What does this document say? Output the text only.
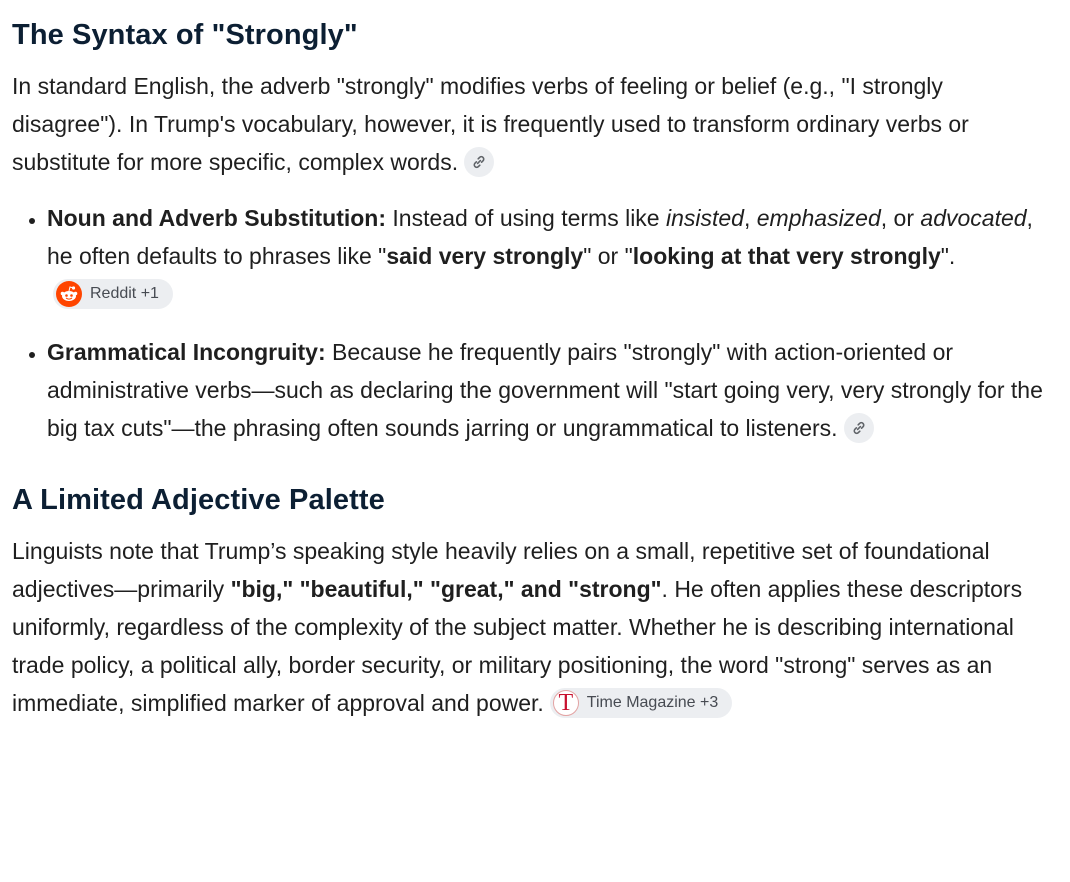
The Syntax of "Strongly"

In standard English, the adverb "strongly" modifies verbs of feeling or belief (e.g., "I strongly disagree"). In Trump's vocabulary, however, it is frequently used to transform ordinary verbs or substitute for more specific, complex words.

• Noun and Adverb Substitution: Instead of using terms like insisted, emphasized, or advocated, he often defaults to phrases like "said very strongly" or "looking at that very strongly".
Reddit +1
• Grammatical Incongruity: Because he frequently pairs "strongly" with action-oriented or administrative verbs—such as declaring the government will "start going very, very strongly for the big tax cuts"—the phrasing often sounds jarring or ungrammatical to listeners.
A Limited Adjective Palette

Linguists note that Trump’s speaking style heavily relies on a small, repetitive set of foundational adjectives—primarily "big," "beautiful," "great," and "strong". He often applies these descriptors uniformly, regardless of the complexity of the subject matter. Whether he is describing international trade policy, a political ally, border security, or military positioning, the word "strong" serves as an immediate, simplified marker of approval and power. T Time Magazine +3
